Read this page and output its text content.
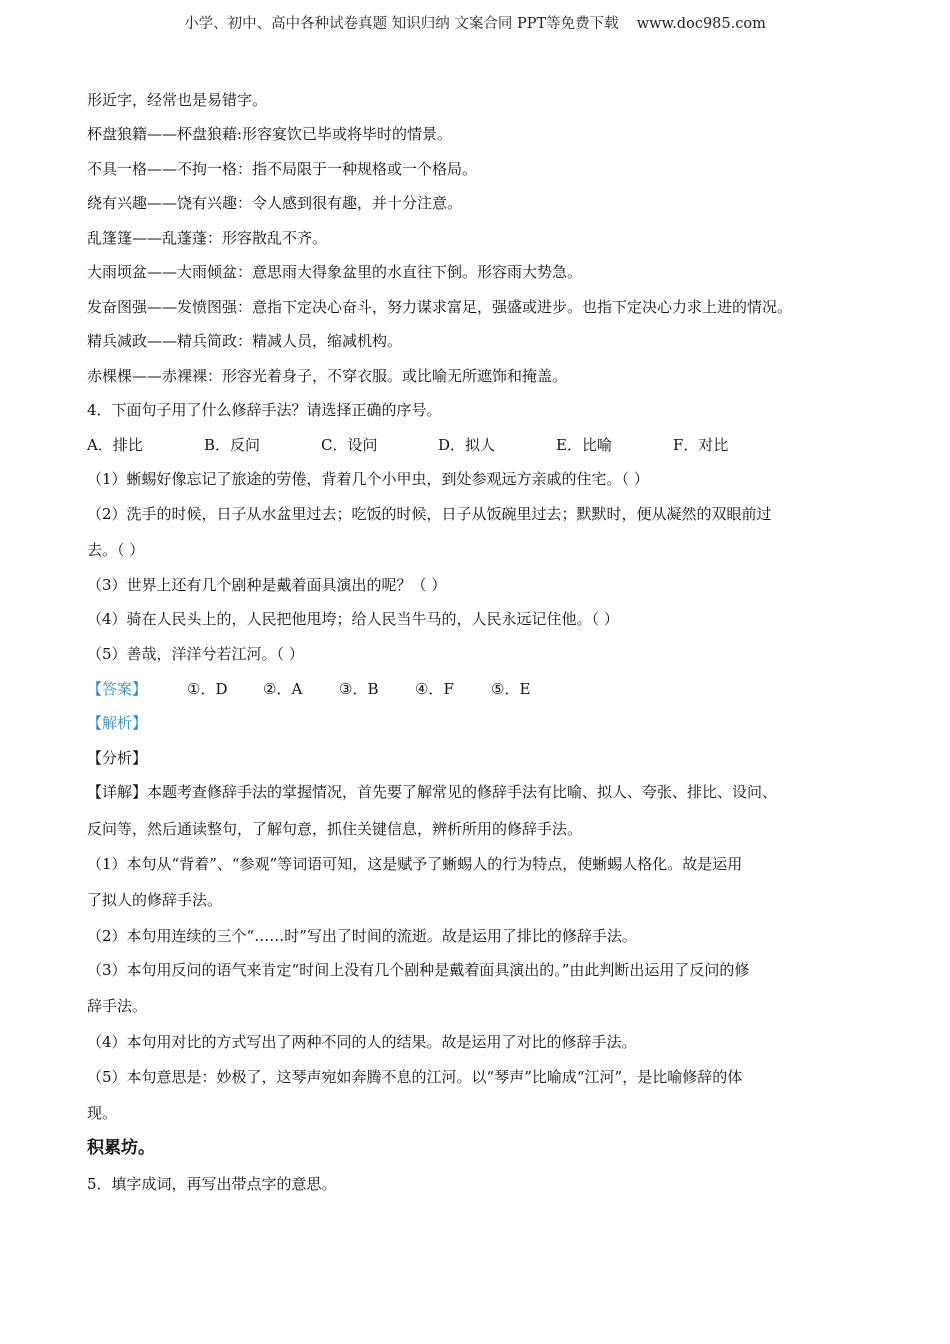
小学、初中、高中各种试卷真题 知识归纳 文案合同 PPT等免费下载 www.doc985.com
形近字，经常也是易错字。
杯盘狼籍——杯盘狼藉:形容宴饮已毕或将毕时的情景。
不具一格——不拘一格：指不局限于一种规格或一个格局。
绕有兴趣——饶有兴趣：令人感到很有趣，并十分注意。
乱篷篷——乱蓬蓬：形容散乱不齐。
大雨顷盆——大雨倾盆：意思雨大得象盆里的水直往下倒。形容雨大势急。
发奋图强——发愤图强：意指下定决心奋斗，努力谋求富足，强盛或进步。也指下定决心力求上进的情况。
精兵减政——精兵简政：精减人员，缩减机构。
赤棵棵——赤裸裸：形容光着身子，不穿衣服。或比喻无所遮饰和掩盖。
4．下面句子用了什么修辞手法？请选择正确的序号。
A．排比	B．反问	C．设问	D．拟人	E．比喻	F．对比
（1）蜥蜴好像忘记了旅途的劳倦，背着几个小甲虫，到处参观远方亲戚的住宅。（ ）
（2）洗手的时候，日子从水盆里过去；吃饭的时候，日子从饭碗里过去；默默时，便从凝然的双眼前过
去。（ ）
（3）世界上还有几个剧种是戴着面具演出的呢？（ ）
（4）骑在人民头上的，人民把他甩垮；给人民当牛马的，人民永远记住他。（ ）
（5）善哉，洋洋兮若江河。（ ）
【答案】	①．D ②．A ③．B ④．F ⑤．E
【解析】
【分析】
【详解】本题考查修辞手法的掌握情况，首先要了解常见的修辞手法有比喻、拟人、夸张、排比、设问、
反问等，然后通读整句，了解句意，抓住关键信息，辨析所用的修辞手法。
（1）本句从“背着”、“参观”等词语可知，这是赋予了蜥蜴人的行为特点，使蜥蜴人格化。故是运用
了拟人的修辞手法。
（2）本句用连续的三个“……时”写出了时间的流逝。故是运用了排比的修辞手法。
（3）本句用反问的语气来肯定“时间上没有几个剧种是戴着面具演出的。”由此判断出运用了反问的修
辞手法。
（4）本句用对比的方式写出了两种不同的人的结果。故是运用了对比的修辞手法。
（5）本句意思是：妙极了，这琴声宛如奔腾不息的江河。以“琴声”比喻成“江河”，是比喻修辞的体
现。
积累坊。
5．填字成词，再写出带点字的意思。
